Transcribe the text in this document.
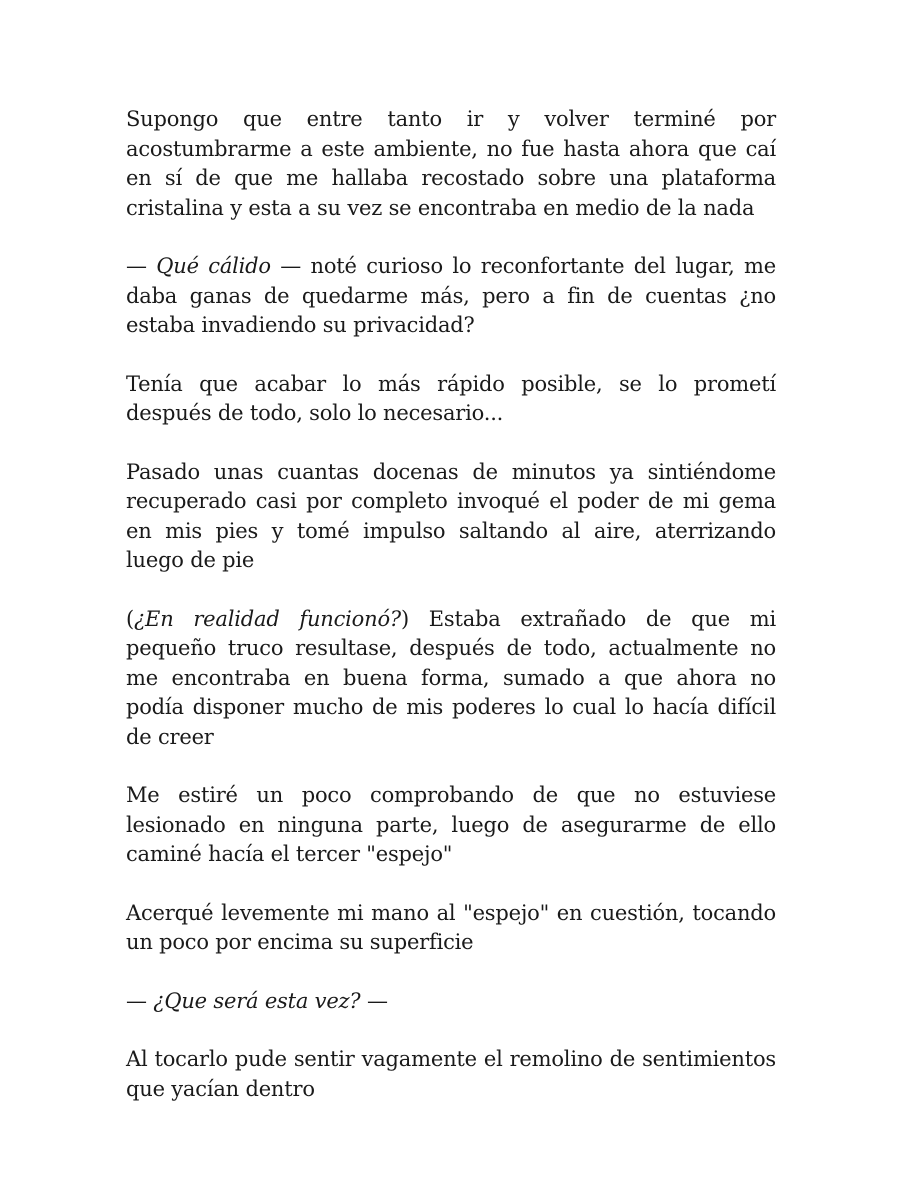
Supongo que entre tanto ir y volver terminé por acostumbrarme a este ambiente, no fue hasta ahora que caí en sí de que me hallaba recostado sobre una plataforma cristalina y esta a su vez se encontraba en medio de la nada

— Qué cálido — noté curioso lo reconfortante del lugar, me daba ganas de quedarme más, pero a fin de cuentas ¿no estaba invadiendo su privacidad?

Tenía que acabar lo más rápido posible, se lo prometí después de todo, solo lo necesario...

Pasado unas cuantas docenas de minutos ya sintiéndome recuperado casi por completo invoqué el poder de mi gema en mis pies y tomé impulso saltando al aire, aterrizando luego de pie

(¿En realidad funcionó?) Estaba extrañado de que mi pequeño truco resultase, después de todo, actualmente no me encontraba en buena forma, sumado a que ahora no podía disponer mucho de mis poderes lo cual lo hacía difícil de creer

Me estiré un poco comprobando de que no estuviese lesionado en ninguna parte, luego de asegurarme de ello caminé hacía el tercer "espejo"

Acerqué levemente mi mano al "espejo" en cuestión, tocando un poco por encima su superficie

— ¿Que será esta vez? —

Al tocarlo pude sentir vagamente el remolino de sentimientos que yacían dentro
